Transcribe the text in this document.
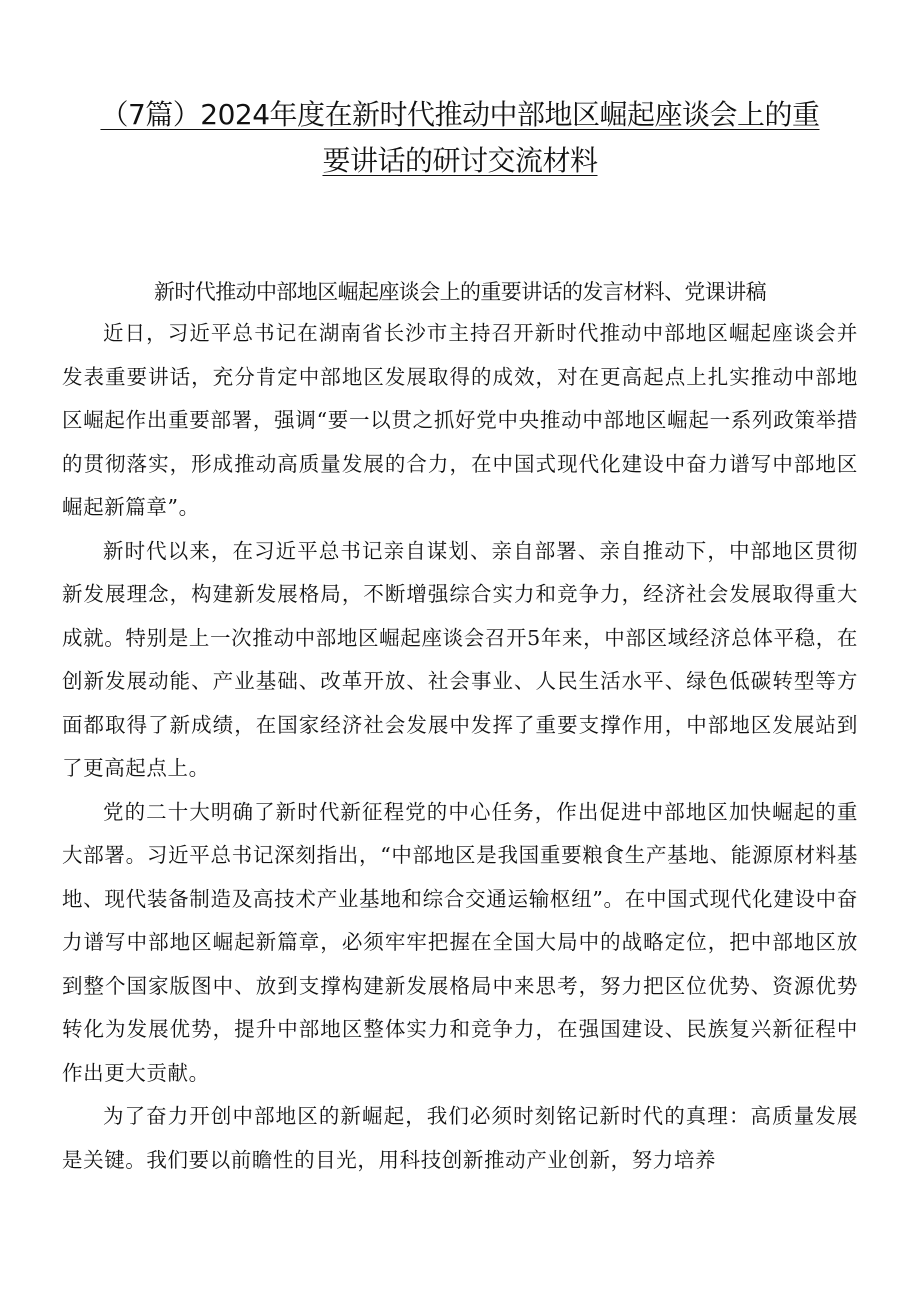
（7篇）2024年度在新时代推动中部地区崛起座谈会上的重要讲话的研讨交流材料
新时代推动中部地区崛起座谈会上的重要讲话的发言材料、党课讲稿

近日，习近平总书记在湖南省长沙市主持召开新时代推动中部地区崛起座谈会并发表重要讲话，充分肯定中部地区发展取得的成效，对在更高起点上扎实推动中部地区崛起作出重要部署，强调“要一以贯之抓好党中央推动中部地区崛起一系列政策举措的贯彻落实，形成推动高质量发展的合力，在中国式现代化建设中奋力谱写中部地区崛起新篇章”。

新时代以来，在习近平总书记亲自谋划、亲自部署、亲自推动下，中部地区贯彻新发展理念，构建新发展格局，不断增强综合实力和竞争力，经济社会发展取得重大成就。特别是上一次推动中部地区崛起座谈会召开5年来，中部区域经济总体平稳，在创新发展动能、产业基础、改革开放、社会事业、人民生活水平、绿色低碳转型等方面都取得了新成绩，在国家经济社会发展中发挥了重要支撑作用，中部地区发展站到了更高起点上。

党的二十大明确了新时代新征程党的中心任务，作出促进中部地区加快崛起的重大部署。习近平总书记深刻指出，“中部地区是我国重要粮食生产基地、能源原材料基地、现代装备制造及高技术产业基地和综合交通运输枢纽”。在中国式现代化建设中奋力谱写中部地区崛起新篇章，必须牢牢把握在全国大局中的战略定位，把中部地区放到整个国家版图中、放到支撑构建新发展格局中来思考，努力把区位优势、资源优势转化为发展优势，提升中部地区整体实力和竞争力，在强国建设、民族复兴新征程中作出更大贡献。

为了奋力开创中部地区的新崛起，我们必须时刻铭记新时代的真理：高质量发展是关键。我们要以前瞻性的目光，用科技创新推动产业创新，努力培养
